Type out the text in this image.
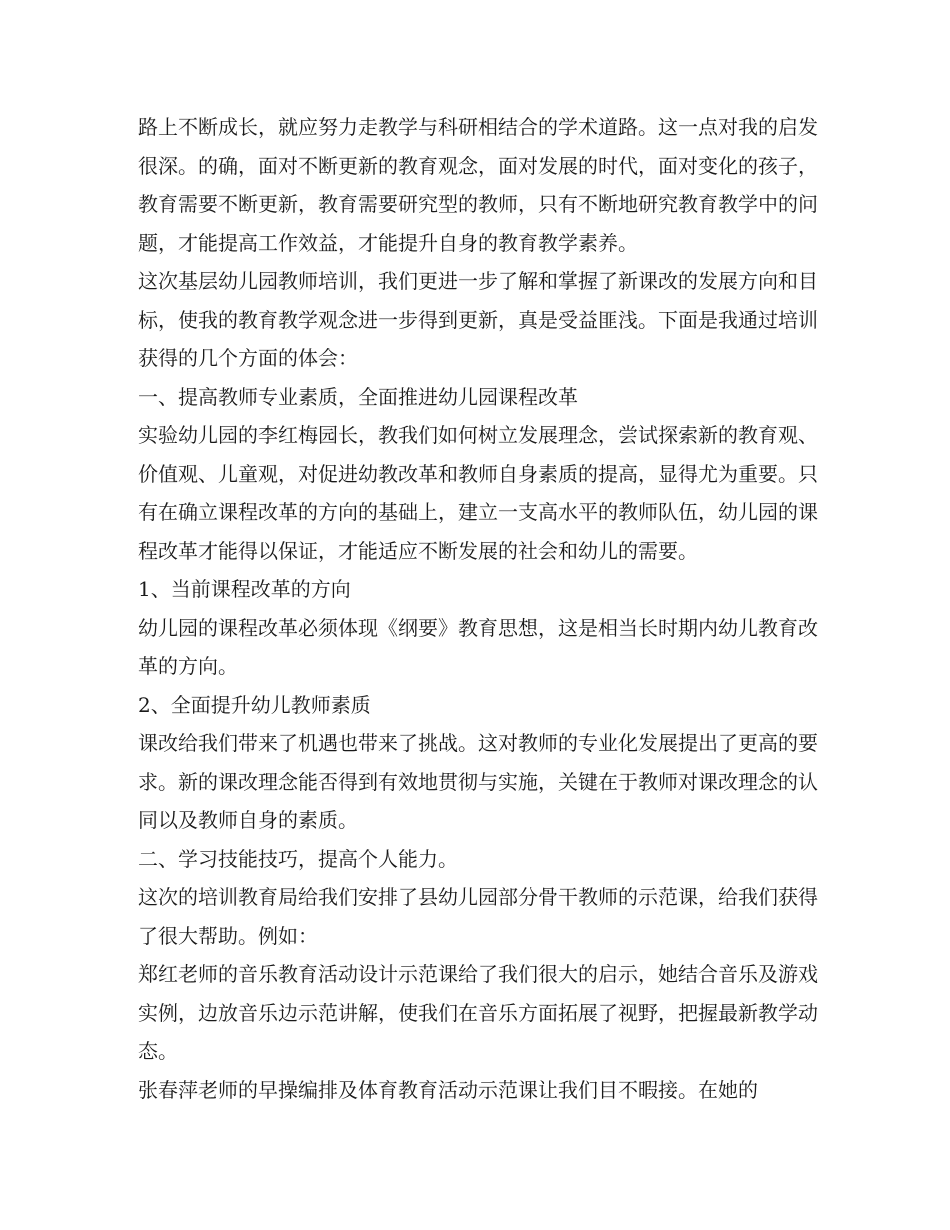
路上不断成长，就应努力走教学与科研相结合的学术道路。这一点对我的启发很深。的确，面对不断更新的教育观念，面对发展的时代，面对变化的孩子，教育需要不断更新，教育需要研究型的教师，只有不断地研究教育教学中的问题，才能提高工作效益，才能提升自身的教育教学素养。

这次基层幼儿园教师培训，我们更进一步了解和掌握了新课改的发展方向和目标，使我的教育教学观念进一步得到更新，真是受益匪浅。下面是我通过培训获得的几个方面的体会：

一、提高教师专业素质，全面推进幼儿园课程改革

实验幼儿园的李红梅园长，教我们如何树立发展理念，尝试探索新的教育观、价值观、儿童观，对促进幼教改革和教师自身素质的提高，显得尤为重要。只有在确立课程改革的方向的基础上，建立一支高水平的教师队伍，幼儿园的课程改革才能得以保证，才能适应不断发展的社会和幼儿的需要。

1、当前课程改革的方向

幼儿园的课程改革必须体现《纲要》教育思想，这是相当长时期内幼儿教育改革的方向。

2、全面提升幼儿教师素质

课改给我们带来了机遇也带来了挑战。这对教师的专业化发展提出了更高的要求。新的课改理念能否得到有效地贯彻与实施，关键在于教师对课改理念的认同以及教师自身的素质。

二、学习技能技巧，提高个人能力。

这次的培训教育局给我们安排了县幼儿园部分骨干教师的示范课，给我们获得了很大帮助。例如：

郑红老师的音乐教育活动设计示范课给了我们很大的启示，她结合音乐及游戏实例，边放音乐边示范讲解，使我们在音乐方面拓展了视野，把握最新教学动态。

张春萍老师的早操编排及体育教育活动示范课让我们目不暇接。在她的
